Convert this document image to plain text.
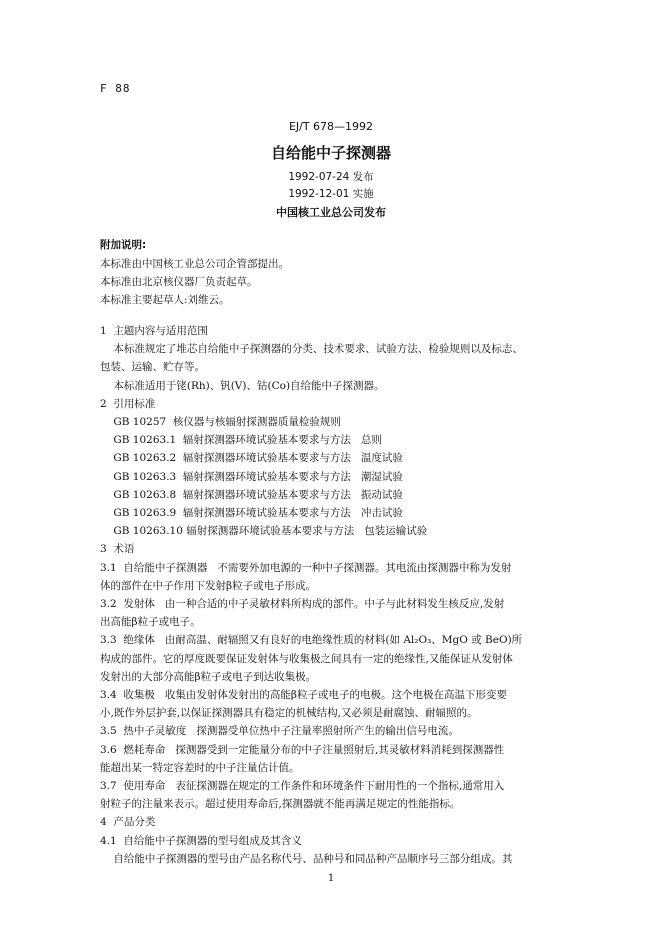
F 88
EJ/T 678—1992
自给能中子探测器
1992-07-24 发布
1992-12-01 实施
中国核工业总公司发布
附加说明:
本标准由中国核工业总公司企管部提出。
本标准由北京核仪器厂负责起草。
本标准主要起草人:刘维云。
1  主题内容与适用范围
本标准规定了堆芯自给能中子探测器的分类、技术要求、试验方法、检验规则以及标志、
包装、运输、贮存等。
本标准适用于铑(Rh)、钒(V)、钴(Co)自给能中子探测器。
2  引用标准
GB 10257  核仪器与核辐射探测器质量检验规则
GB 10263.1  辐射探测器环境试验基本要求与方法   总则
GB 10263.2  辐射探测器环境试验基本要求与方法   温度试验
GB 10263.3  辐射探测器环境试验基本要求与方法   潮湿试验
GB 10263.8  辐射探测器环境试验基本要求与方法   振动试验
GB 10263.9  辐射探测器环境试验基本要求与方法   冲击试验
GB 10263.10 辐射探测器环境试验基本要求与方法   包装运输试验
3  术语
3.1  自给能中子探测器   不需要外加电源的一种中子探测器。其电流由探测器中称为发射
体的部件在中子作用下发射β粒子或电子形成。
3.2  发射体   由一种合适的中子灵敏材料所构成的部件。中子与此材料发生核反应,发射
出高能β粒子或电子。
3.3  绝缘体   由耐高温、耐辐照又有良好的电绝缘性质的材料(如 Al₂O₃、MgO 或 BeO)所
构成的部件。它的厚度既要保证发射体与收集极之间具有一定的绝缘性,又能保证从发射体
发射出的大部分高能β粒子或电子到达收集极。
3.4  收集极   收集由发射体发射出的高能β粒子或电子的电极。这个电极在高温下形变要
小,既作外层护套,以保证探测器具有稳定的机械结构,又必须是耐腐蚀、耐辐照的。
3.5  热中子灵敏度   探测器受单位热中子注量率照射所产生的输出信号电流。
3.6  燃耗寿命   探测器受到一定能量分布的中子注量照射后,其灵敏材料消耗到探测器性
能超出某一特定容差时的中子注量估计值。
3.7  使用寿命   表征探测器在规定的工作条件和环境条件下耐用性的一个指标,通常用入
射粒子的注量来表示。超过使用寿命后,探测器就不能再满足规定的性能指标。
4  产品分类
4.1  自给能中子探测器的型号组成及其含义
自给能中子探测器的型号由产品名称代号、品种号和同品种产品顺序号三部分组成。其
1
